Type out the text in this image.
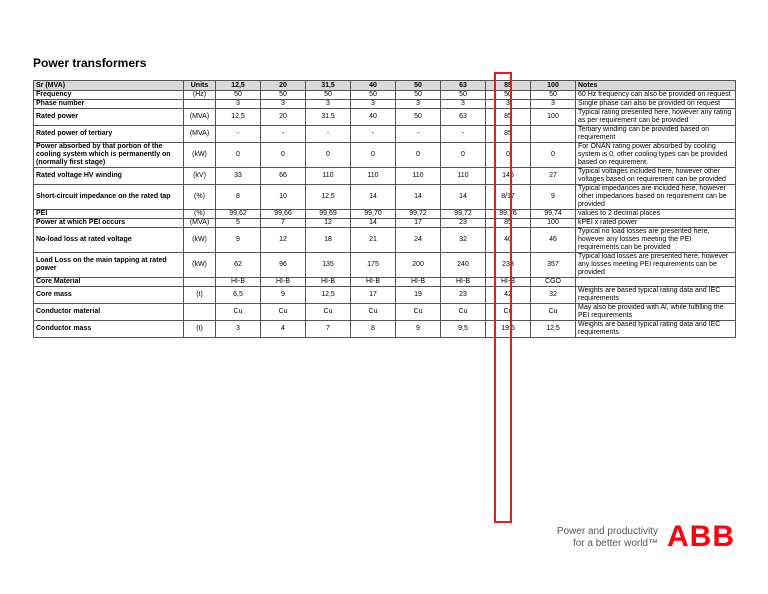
Power transformers
Sr (MVA)	Units	12,5	20	31,5	40	50	63	85	100	Notes
Frequency	(Hz)	50	50	50	50	50	50	50	50	60 Hz frequency can also be provided on request
Phase number		3	3	3	3	3	3	3	3	Single phase can also be provided on request
Rated power	(MVA)	12,5	20	31,5	40	50	63	85	100	Typical rating presented here, however any rating as per requirement can be provided
Rated power of tertiary	(MVA)	-	-	-	-	-	-	85		Tertiary winding can be provided based on requirement
Power absorbed by that portion of the cooling system which is permanently on (normally first stage)	(kW)	0	0	0	0	0	0	0	0	For ONAN rating power absorbed by cooling system is 0, other cooling types can be provided based on requirement.
Rated voltage HV winding	(kV)	33	66	110	110	110	110	145	27	Typical voltages included here, however other voltages based on requirement can be provided
Short-circuit impedance on the rated tap	(%)	8	10	12,5	14	14	14	8/17	9	Typical impedances are included here, however other impedances based on requirement can be provided
PEI	(%)	99,62	99,66	99,69	99,70	99,72	99,72	99,76	99,74	values to 2 decimal places
Power at which PEI occurs	(MVA)	5	7	12	14	17	23	85	100	kPEI x rated power
No-load loss at rated voltage	(kW)	9	12	18	21	24	32	40	46	Typical no load losses are presented here, however any losses meeting the PEI requirements can be provided
Load Loss on the main tapping at rated power	(kW)	62	96	135	175	200	240	238	357	Typical load losses are presented here, however any losses meeting PEI requirements can be provided
Core Material		HI-B	HI-B	HI-B	HI-B	HI-B	HI-B	HI-B	CGO	
Core mass	(t)	6,5	9	12,5	17	19	23	42	32	Weights are based typical rating data and IEC requirements
Conductor material		Cu	Cu	Cu	Cu	Cu	Cu	Cu	Cu	May also be provided with Al, while fulfilling the PEI requirements
Conductor mass	(t)	3	4	7	8	9	9,5	19,5	12,5	Weights are based typical rating data and IEC requirements
Power and productivity
for a better world™ ABB
